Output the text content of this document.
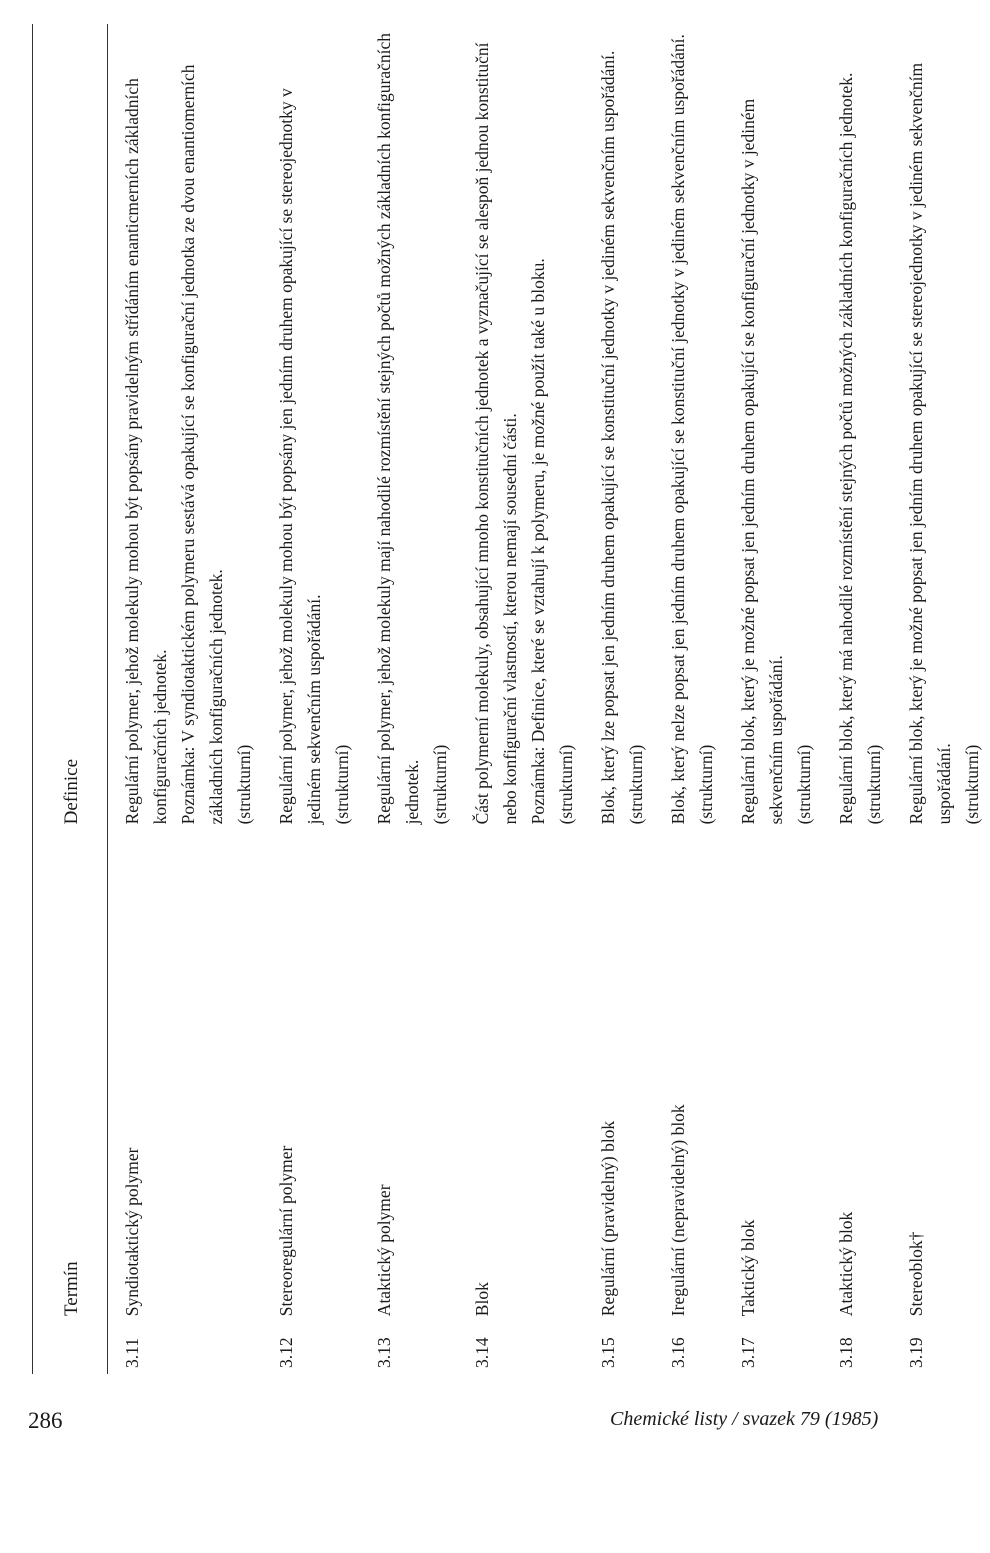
Termín		Definice
3.11	Syndiotaktický polymer	Regulární polymer, jehož molekuly mohou být popsány pravidelným střídáním enanticmerních základních konfiguračních jednotek. Poznámka: V syndiotaktickém polymeru sestává opakující se konfigurační jednotka ze dvou enantiomerních základních konfiguračních jednotek. (strukturní)

3.12	Stereoregulární polymer	Regulární polymer, jehož molekuly mohou být popsány jen jedním druhem opakující se stereojednotky v jediném sekvenčním uspořádání. (strukturní)

3.13	Ataktický polymer	Regulární polymer, jehož molekuly mají nahodilé rozmístění stejných počtů možných základních konfiguračních jednotek. (strukturní)

3.14	Blok	Část polymerní molekuly, obsahující mnoho konstitučních jednotek a vyznačující se alespoň jednou konstituční nebo konfigurační vlastností, kterou nemají sousední části. Poznámka: Definice, které se vztahují k polymeru, je možné použít také u bloku. (strukturní)

3.15	Regulární (pravidelný) blok	Blok, který lze popsat jen jedním druhem opakující se konstituční jednotky v jediném sekvenčním uspořádání. (strukturní)

3.16	Iregulární (nepravidelný) blok	Blok, který nelze popsat jen jedním druhem opakující se konstituční jednotky v jediném sekvenčním uspořádání. (strukturní)

3.17	Taktický blok	Regulární blok, který je možné popsat jen jedním druhem opakující se konfigurační jednotky v jediném sekvenčním uspořádání. (strukturní)

3.18	Ataktický blok	Regulární blok, který má nahodilé rozmístění stejných počtů možných základních konfiguračních jednotek. (strukturní)

3.19	Stereoblok†	Regulární blok, který je možné popsat jen jedním druhem opakující se stereojednotky v jediném sekvenčním uspořádání. (strukturní)
286	Chemické listy / svazek 79 (1985)
